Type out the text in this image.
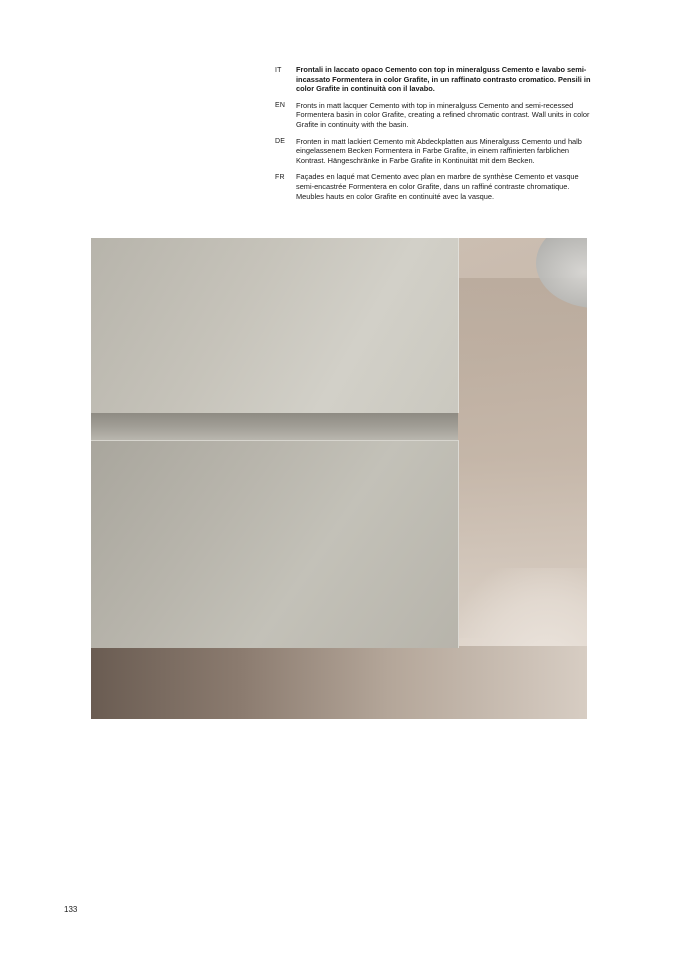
IT	Frontali in laccato opaco Cemento con top in mineralguss Cemento e lavabo semi-incassato Formentera in color Grafite, in un raffinato contrasto cromatico. Pensili in color Grafite in continuità con il lavabo.

EN	Fronts in matt lacquer Cemento with top in mineralguss Cemento and semi-recessed Formentera basin in color Grafite, creating a refined chromatic contrast. Wall units in color Grafite in continuity with the basin.

DE	Fronten in matt lackiert Cemento mit Abdeckplatten aus Mineralguss Cemento und halb eingelassenem Becken Formentera in Farbe Grafite, in einem raffinierten farblichen Kontrast. Hängeschränke in Farbe Grafite in Kontinuität mit dem Becken.

FR	Façades en laqué mat Cemento avec plan en marbre de synthèse Cemento et vasque semi-encastrée Formentera en color Grafite, dans un raffiné contraste chromatique. Meubles hauts en color Grafite en continuité avec la vasque.

133
